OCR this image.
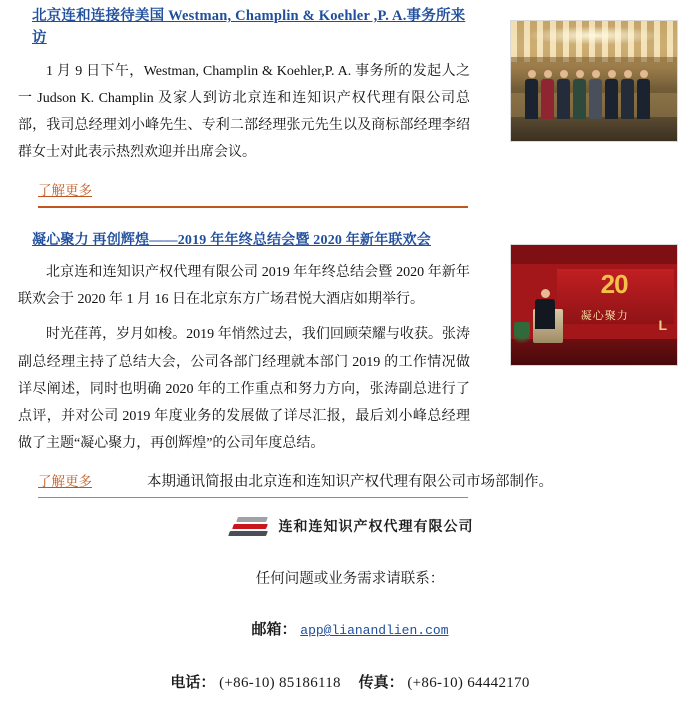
北京连和连接待美国 Westman, Champlin & Koehler ,P. A.事务所来访

1 月 9 日下午，Westman, Champlin & Koehler,P. A. 事务所的发起人之一 Judson K. Champlin 及家人到访北京连和连知识产权代理有限公司总部，我司总经理刘小峰先生、专利二部经理张元先生以及商标部经理李绍群女士对此表示热烈欢迎并出席会议。

了解更多
凝心聚力 再创辉煌——2019 年年终总结会暨 2020 年新年联欢会

北京连和连知识产权代理有限公司 2019 年年终总结会暨 2020 年新年联欢会于 2020 年 1 月 16 日在北京东方广场君悦大酒店如期举行。

时光荏苒，岁月如梭。2019 年悄然过去，我们回顾荣耀与收获。张涛副总经理主持了总结大会，公司各部门经理就本部门 2019 的工作情况做详尽阐述，同时也明确 2020 年的工作重点和努力方向，张涛副总进行了点评，并对公司 2019 年度业务的发展做了详尽汇报，最后刘小峰总经理做了主题“凝心聚力，再创辉煌”的公司年度总结。

了解更多
20
凝心聚力
L

本期通讯简报由北京连和连知识产权代理有限公司市场部制作。

连和连知识产权代理有限公司

任何问题或业务需求请联系：

邮箱： app@lianandlien.com

电话： (+86-10) 85186118 传真： (+86-10) 64442170
